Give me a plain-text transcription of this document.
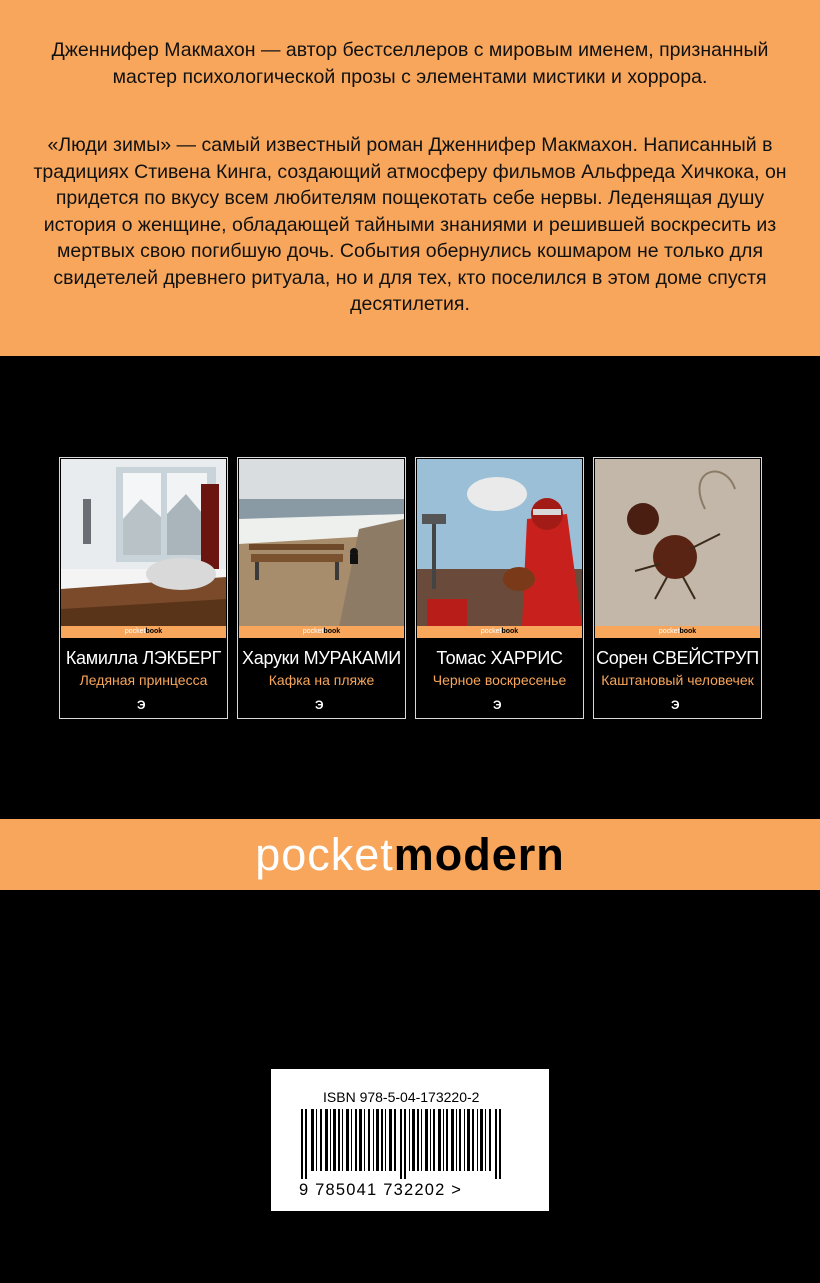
Дженнифер Макмахон — автор бестселлеров с мировым именем, признанный мастер психологической прозы с элементами мистики и хоррора.

«Люди зимы» — самый известный роман Дженнифер Макмахон. Написанный в традициях Стивена Кинга, создающий атмосферу фильмов Альфреда Хичкока, он придется по вкусу всем любителям пощекотать себе нервы. Леденящая душу история о женщине, обладающей тайными знаниями и решившей воскресить из мертвых свою погибшую дочь. События обернулись кошмаром не только для свидетелей древнего ритуала, но и для тех, кто поселился в этом доме спустя десятилетия.

pocketbook
Камилла ЛЭКБЕРГ
Ледяная принцесса
Э
pocketbook
Харуки МУРАКАМИ
Кафка на пляже
Э
pocketbook
Томас ХАРРИС
Черное воскресенье
Э
pocketbook
Сорен СВЕЙСТРУП
Каштановый человечек
Э
pocketmodern
ISBN 978-5-04-173220-2
9 785041 732202 >
